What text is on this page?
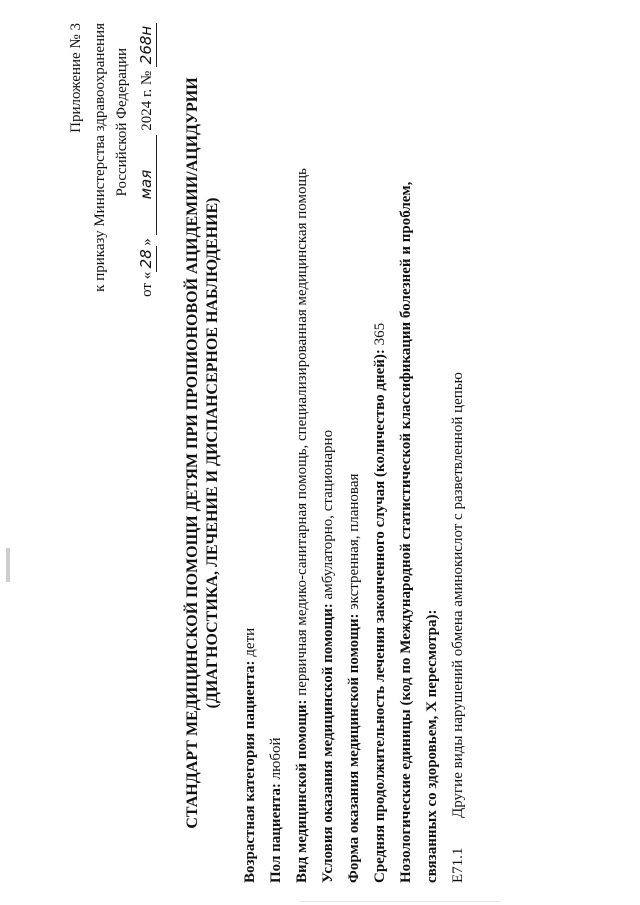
Приложение № 3 к приказу Министерства здравоохранения Российской Федерации
от «28» мая 2024 г. № 268н
СТАНДАРТ МЕДИЦИНСКОЙ ПОМОЩИ ДЕТЯМ ПРИ ПРОПИОНОВОЙ АЦИДЕМИИ/АЦИДУРИИ (ДИАГНОСТИКА, ЛЕЧЕНИЕ И ДИСПАНСЕРНОЕ НАБЛЮДЕНИЕ)
Возрастная категория пациента: дети
Пол пациента: любой Вид медицинской помощи: первичная медико-санитарная помощь, специализированная медицинская помощь
Условия оказания медицинской помощи: амбулаторно, стационарно
Форма оказания медицинской помощи: экстренная, плановая Средняя продолжительность лечения законченного случая (количество дней): 365 Нозологические единицы (код по Международной статистической классификации болезней и проблем, связанных со здоровьем, X пересмотра): E71.1Другие виды нарушений обмена аминокислот с разветвленной цепью
